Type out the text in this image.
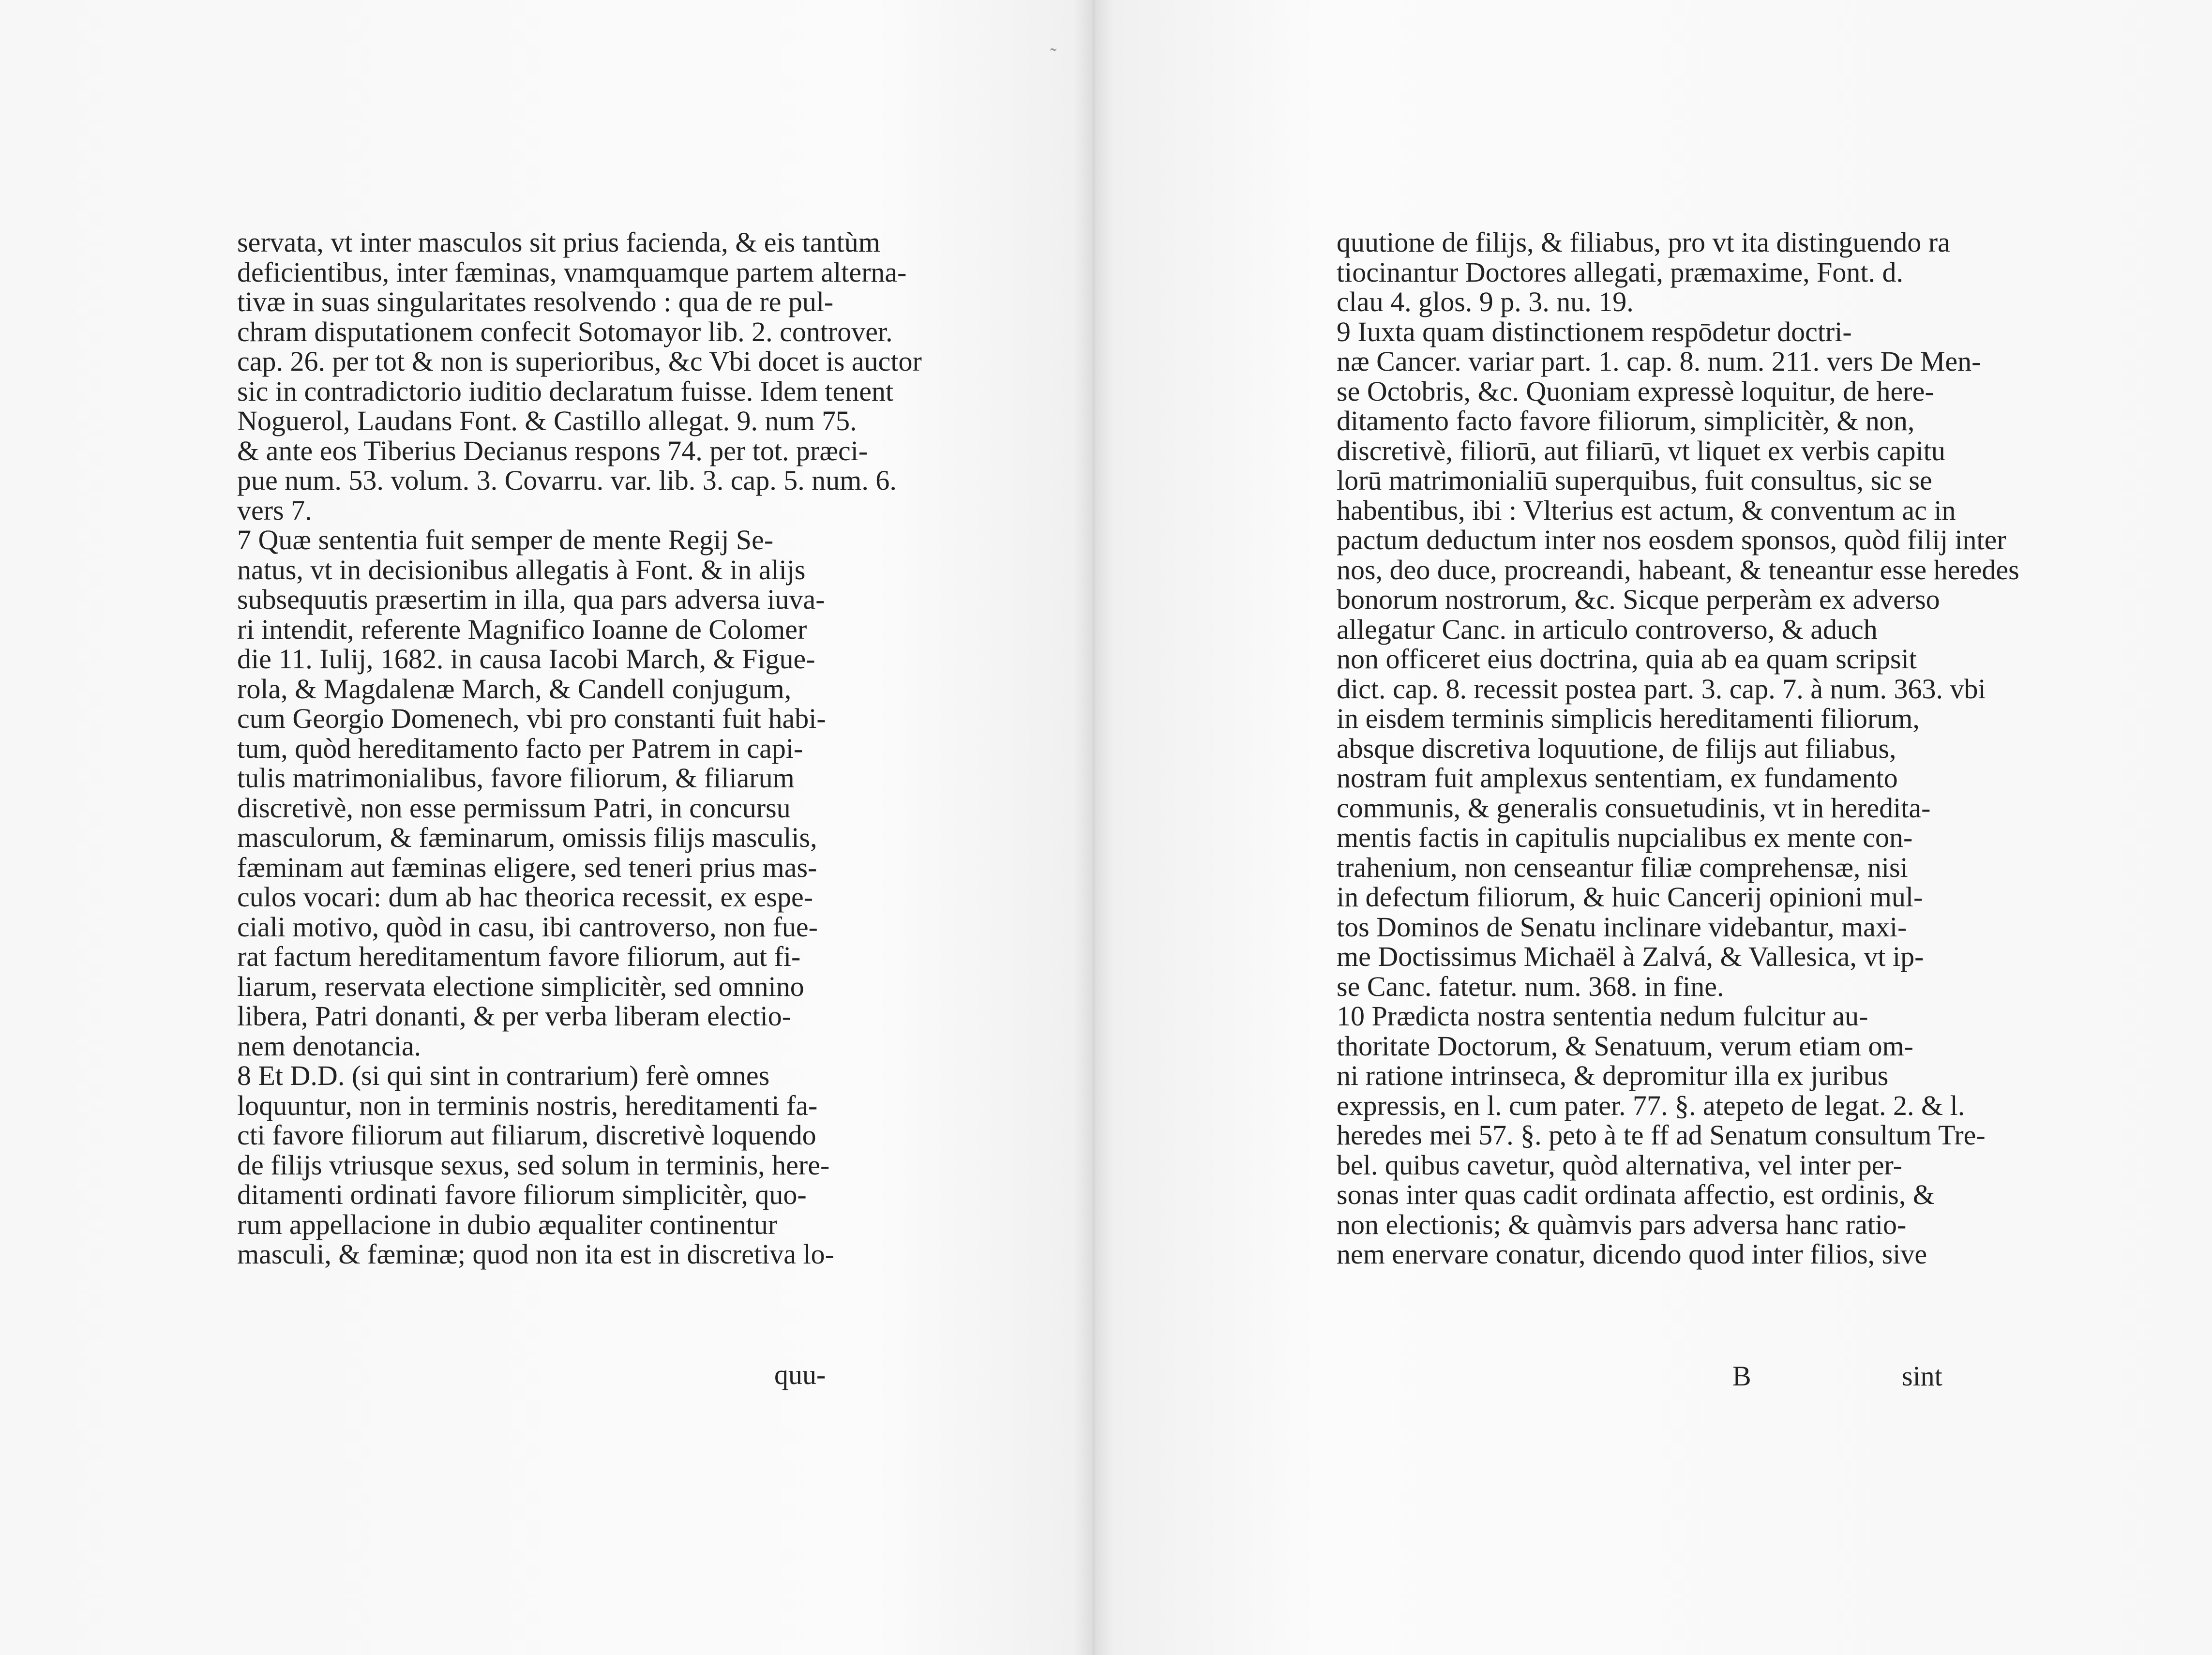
servata, vt inter masculos sit prius facienda, & eis tantùm
deficientibus, inter fæminas, vnamquamque partem alterna-
tivæ in suas singularitates resolvendo : qua de re pul-
chram disputationem confecit Sotomayor lib. 2. controver.
cap. 26. per tot & non is superioribus, &c Vbi docet is auctor
sic in contradictorio iuditio declaratum fuisse. Idem tenent
Noguerol, Laudans Font. & Castillo allegat. 9. num 75.
& ante eos Tiberius Decianus respons 74. per tot. præci-
pue num. 53. volum. 3. Covarru. var. lib. 3. cap. 5. num. 6.
vers 7.
7 Quæ sententia fuit semper de mente Regij Se-
natus, vt in decisionibus allegatis à Font. & in alijs
subsequutis præsertim in illa, qua pars adversa iuva-
ri intendit, referente Magnifico Ioanne de Colomer
die 11. Iulij, 1682. in causa Iacobi March, & Figue-
rola, & Magdalenæ March, & Candell conjugum,
cum Georgio Domenech, vbi pro constanti fuit habi-
tum, quòd hereditamento facto per Patrem in capi-
tulis matrimonialibus, favore filiorum, & filiarum
discretivè, non esse permissum Patri, in concursu
masculorum, & fæminarum, omissis filijs masculis,
fæminam aut fæminas eligere, sed teneri prius mas-
culos vocari: dum ab hac theorica recessit, ex espe-
ciali motivo, quòd in casu, ibi cantroverso, non fue-
rat factum hereditamentum favore filiorum, aut fi-
liarum, reservata electione simplicitèr, sed omnino
libera, Patri donanti, & per verba liberam electio-
nem denotancia.
8 Et D.D. (si qui sint in contrarium) ferè omnes
loquuntur, non in terminis nostris, hereditamenti fa-
cti favore filiorum aut filiarum, discretivè loquendo
de filijs vtriusque sexus, sed solum in terminis, here-
ditamenti ordinati favore filiorum simplicitèr, quo-
rum appellacione in dubio æqualiter continentur
masculi, & fæminæ; quod non ita est in discretiva lo-
quu-
˜
quutione de filijs, & filiabus, pro vt ita distinguendo ra
tiocinantur Doctores allegati, præmaxime, Font. d.
clau 4. glos. 9 p. 3. nu. 19.
9 Iuxta quam distinctionem respōdetur doctri-
næ Cancer. variar part. 1. cap. 8. num. 211. vers De Men-
se Octobris, &c. Quoniam expressè loquitur, de here-
ditamento facto favore filiorum, simplicitèr, & non,
discretivè, filiorū, aut filiarū, vt liquet ex verbis capitu
lorū matrimonialiū superquibus, fuit consultus, sic se
habentibus, ibi : Vlterius est actum, & conventum ac in
pactum deductum inter nos eosdem sponsos, quòd filij inter
nos, deo duce, procreandi, habeant, & teneantur esse heredes
bonorum nostrorum, &c. Sicque perperàm ex adverso
allegatur Canc. in articulo controverso, & aduch
non officeret eius doctrina, quia ab ea quam scripsit
dict. cap. 8. recessit postea part. 3. cap. 7. à num. 363. vbi
in eisdem terminis simplicis hereditamenti filiorum,
absque discretiva loquutione, de filijs aut filiabus,
nostram fuit amplexus sententiam, ex fundamento
communis, & generalis consuetudinis, vt in heredita-
mentis factis in capitulis nupcialibus ex mente con-
trahenium, non censeantur filiæ comprehensæ, nisi
in defectum filiorum, & huic Cancerij opinioni mul-
tos Dominos de Senatu inclinare videbantur, maxi-
me Doctissimus Michaël à Zalvá, & Vallesica, vt ip-
se Canc. fatetur. num. 368. in fine.
10 Prædicta nostra sententia nedum fulcitur au-
thoritate Doctorum, & Senatuum, verum etiam om-
ni ratione intrinseca, & depromitur illa ex juribus
expressis, en l. cum pater. 77. §. atepeto de legat. 2. & l.
heredes mei 57. §. peto à te ff ad Senatum consultum Tre-
bel. quibus cavetur, quòd alternativa, vel inter per-
sonas inter quas cadit ordinata affectio, est ordinis, &
non electionis; & quàmvis pars adversa hanc ratio-
nem enervare conatur, dicendo quod inter filios, sive
B	sint
